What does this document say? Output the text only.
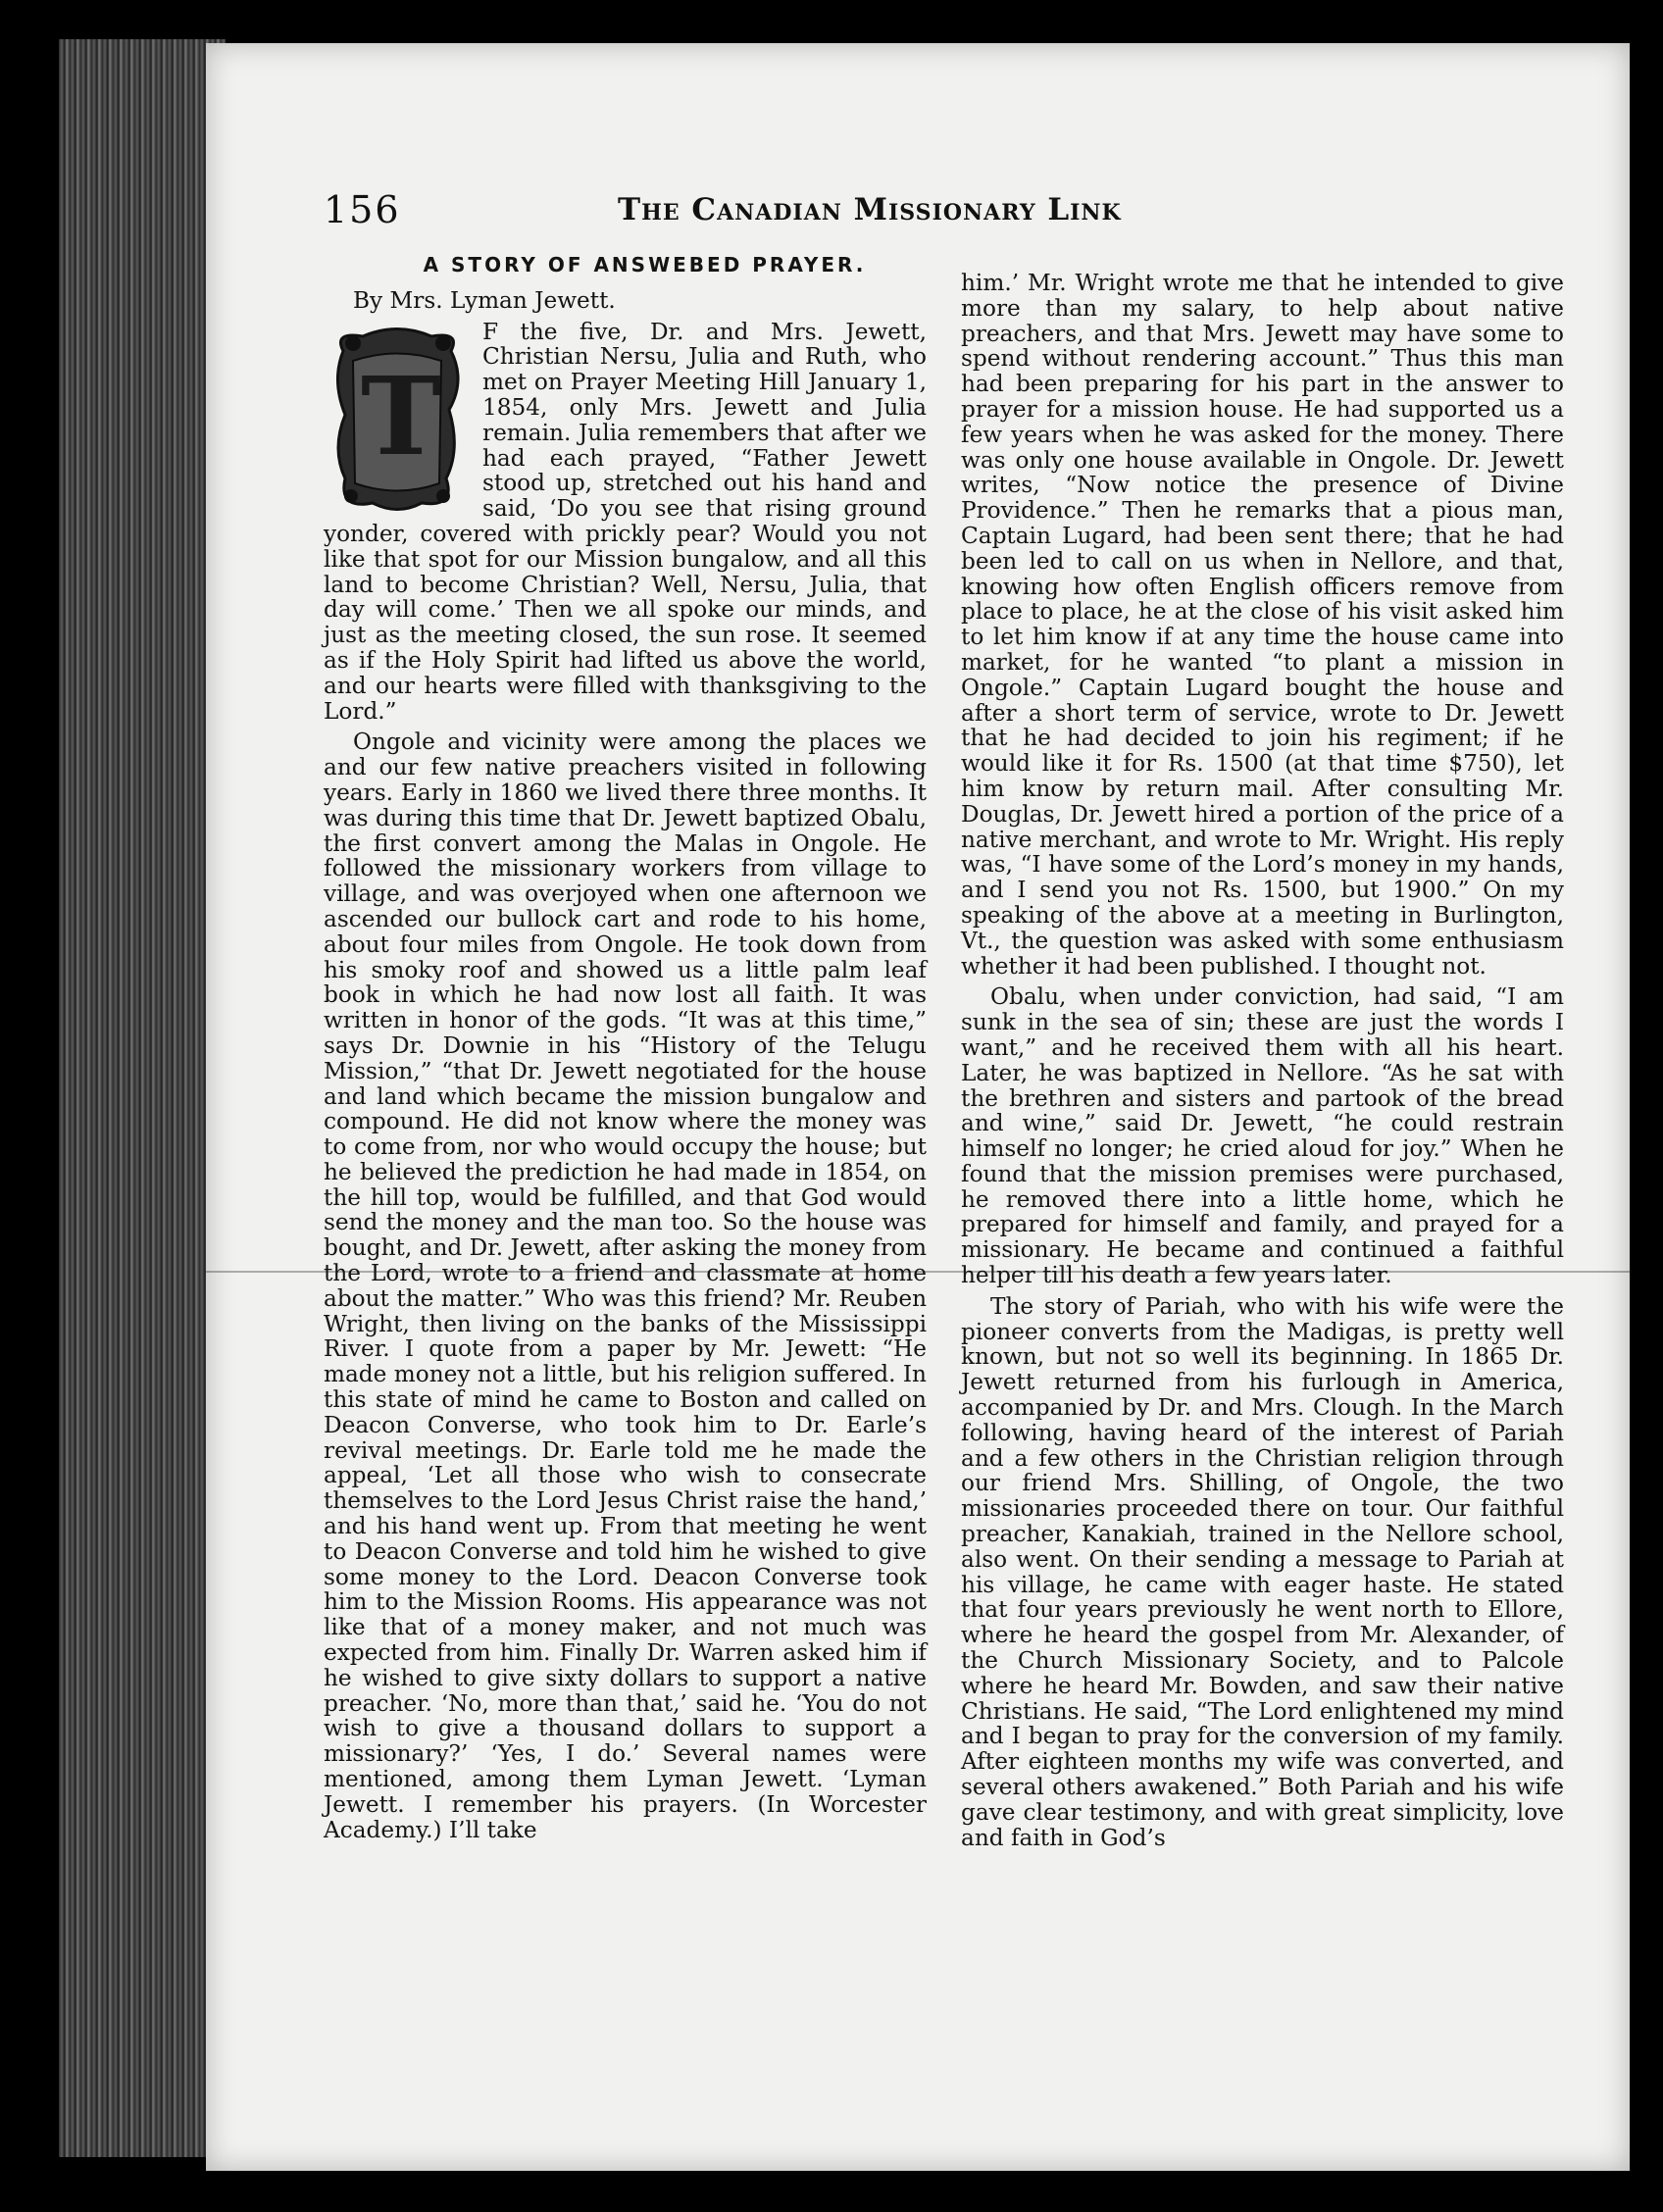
156	The Canadian Missionary Link
A STORY OF ANSWEBED PRAYER.

By Mrs. Lyman Jewett.

T

F the five, Dr. and Mrs. Jewett, Christian Nersu, Julia and Ruth, who met on Prayer Meeting Hill January 1, 1854, only Mrs. Jewett and Julia remain. Julia remembers that after we had each prayed, “Father Jewett stood up, stretched out his hand and said, ‘Do you see that rising ground yonder, covered with prickly pear? Would you not like that spot for our Mission bungalow, and all this land to become Christian? Well, Nersu, Julia, that day will come.’ Then we all spoke our minds, and just as the meeting closed, the sun rose. It seemed as if the Holy Spirit had lifted us above the world, and our hearts were filled with thanksgiving to the Lord.”

Ongole and vicinity were among the places we and our few native preachers visited in following years. Early in 1860 we lived there three months. It was during this time that Dr. Jewett baptized Obalu, the first convert among the Malas in Ongole. He followed the missionary workers from village to village, and was overjoyed when one afternoon we ascended our bullock cart and rode to his home, about four miles from Ongole. He took down from his smoky roof and showed us a little palm leaf book in which he had now lost all faith. It was written in honor of the gods. “It was at this time,” says Dr. Downie in his “History of the Telugu Mission,” “that Dr. Jewett negotiated for the house and land which became the mission bungalow and compound. He did not know where the money was to come from, nor who would occupy the house; but he believed the prediction he had made in 1854, on the hill top, would be fulfilled, and that God would send the money and the man too. So the house was bought, and Dr. Jewett, after asking the money from the Lord, wrote to a friend and classmate at home about the matter.” Who was this friend? Mr. Reuben Wright, then living on the banks of the Mississippi River. I quote from a paper by Mr. Jewett: “He made money not a little, but his religion suffered. In this state of mind he came to Boston and called on Deacon Converse, who took him to Dr. Earle’s revival meetings. Dr. Earle told me he made the appeal, ‘Let all those who wish to consecrate themselves to the Lord Jesus Christ raise the hand,’ and his hand went up. From that meeting he went to Deacon Converse and told him he wished to give some money to the Lord. Deacon Converse took him to the Mission Rooms. His appearance was not like that of a money maker, and not much was expected from him. Finally Dr. Warren asked him if he wished to give sixty dollars to support a native preacher. ‘No, more than that,’ said he. ‘You do not wish to give a thousand dollars to support a missionary?’ ‘Yes, I do.’ Several names were mentioned, among them Lyman Jewett. ‘Lyman Jewett. I remember his prayers. (In Worcester Academy.) I’ll take

him.’ Mr. Wright wrote me that he intended to give more than my salary, to help about native preachers, and that Mrs. Jewett may have some to spend without rendering account.” Thus this man had been preparing for his part in the answer to prayer for a mission house. He had supported us a few years when he was asked for the money. There was only one house available in Ongole. Dr. Jewett writes, “Now notice the presence of Divine Providence.” Then he remarks that a pious man, Captain Lugard, had been sent there; that he had been led to call on us when in Nellore, and that, knowing how often English officers remove from place to place, he at the close of his visit asked him to let him know if at any time the house came into market, for he wanted “to plant a mission in Ongole.” Captain Lugard bought the house and after a short term of service, wrote to Dr. Jewett that he had decided to join his regiment; if he would like it for Rs. 1500 (at that time $750), let him know by return mail. After consulting Mr. Douglas, Dr. Jewett hired a portion of the price of a native merchant, and wrote to Mr. Wright. His reply was, “I have some of the Lord’s money in my hands, and I send you not Rs. 1500, but 1900.” On my speaking of the above at a meeting in Burlington, Vt., the question was asked with some enthusiasm whether it had been published. I thought not.

Obalu, when under conviction, had said, “I am sunk in the sea of sin; these are just the words I want,” and he received them with all his heart. Later, he was baptized in Nellore. “As he sat with the brethren and sisters and partook of the bread and wine,” said Dr. Jewett, “he could restrain himself no longer; he cried aloud for joy.” When he found that the mission premises were purchased, he removed there into a little home, which he prepared for himself and family, and prayed for a missionary. He became and continued a faithful helper till his death a few years later.

The story of Pariah, who with his wife were the pioneer converts from the Madigas, is pretty well known, but not so well its beginning. In 1865 Dr. Jewett returned from his furlough in America, accompanied by Dr. and Mrs. Clough. In the March following, having heard of the interest of Pariah and a few others in the Christian religion through our friend Mrs. Shilling, of Ongole, the two missionaries proceeded there on tour. Our faithful preacher, Kanakiah, trained in the Nellore school, also went. On their sending a message to Pariah at his village, he came with eager haste. He stated that four years previously he went north to Ellore, where he heard the gospel from Mr. Alexander, of the Church Missionary Society, and to Palcole where he heard Mr. Bowden, and saw their native Christians. He said, “The Lord enlightened my mind and I began to pray for the conversion of my family. After eighteen months my wife was converted, and several others awakened.” Both Pariah and his wife gave clear testimony, and with great simplicity, love and faith in God’s
